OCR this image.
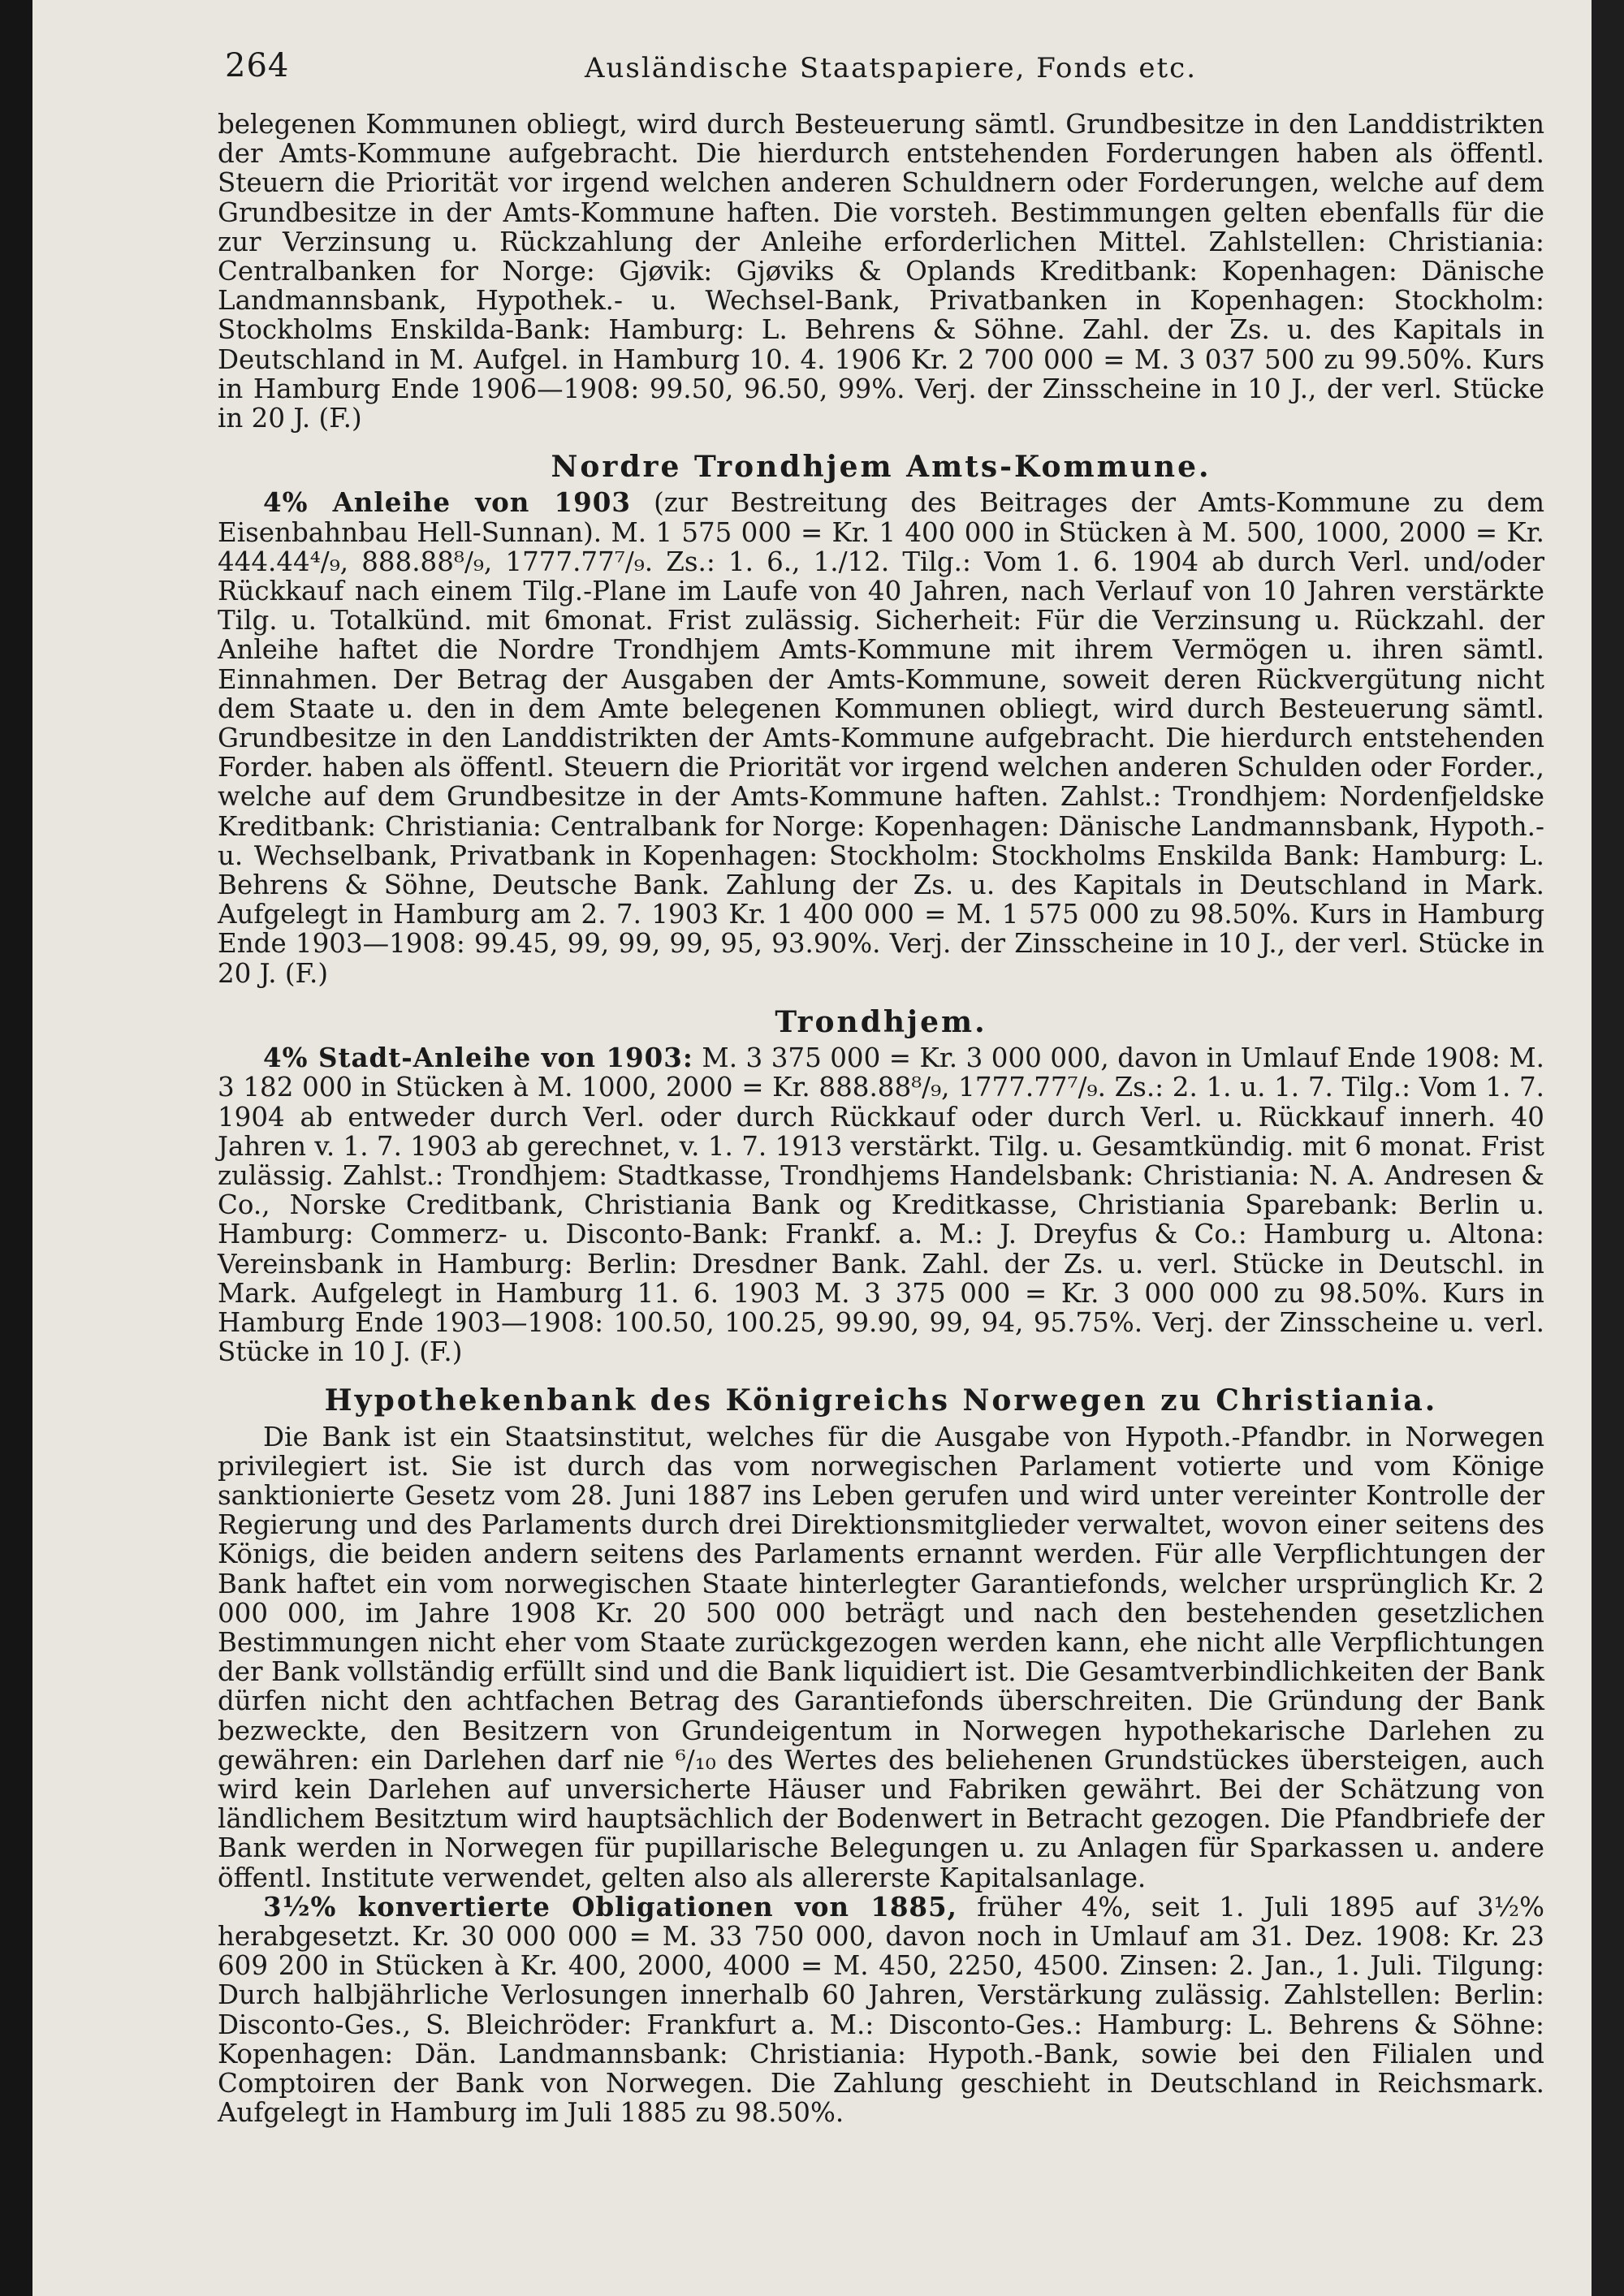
264	Ausländische Staatspapiere, Fonds etc.

belegenen Kommunen obliegt, wird durch Besteuerung sämtl. Grundbesitze in den Landdistrikten der Amts-Kommune aufgebracht. Die hierdurch entstehenden Forderungen haben als öffentl. Steuern die Priorität vor irgend welchen anderen Schuldnern oder Forderungen, welche auf dem Grundbesitze in der Amts-Kommune haften. Die vorsteh. Bestimmungen gelten ebenfalls für die zur Verzinsung u. Rückzahlung der Anleihe erforderlichen Mittel. Zahlstellen: Christiania: Centralbanken for Norge: Gjøvik: Gjøviks & Oplands Kreditbank: Kopenhagen: Dänische Landmannsbank, Hypothek.- u. Wechsel-Bank, Privatbanken in Kopenhagen: Stockholm: Stockholms Enskilda-Bank: Hamburg: L. Behrens & Söhne. Zahl. der Zs. u. des Kapitals in Deutschland in M. Aufgel. in Hamburg 10. 4. 1906 Kr. 2 700 000 = M. 3 037 500 zu 99.50%. Kurs in Hamburg Ende 1906—1908: 99.50, 96.50, 99%. Verj. der Zinsscheine in 10 J., der verl. Stücke in 20 J. (F.)

Nordre Trondhjem Amts-Kommune.

4% Anleihe von 1903 (zur Bestreitung des Beitrages der Amts-Kommune zu dem Eisenbahnbau Hell-Sunnan). M. 1 575 000 = Kr. 1 400 000 in Stücken à M. 500, 1000, 2000 = Kr. 444.44⁴/₉, 888.88⁸/₉, 1777.77⁷/₉. Zs.: 1. 6., 1./12. Tilg.: Vom 1. 6. 1904 ab durch Verl. und/oder Rückkauf nach einem Tilg.-Plane im Laufe von 40 Jahren, nach Verlauf von 10 Jahren verstärkte Tilg. u. Totalkünd. mit 6monat. Frist zulässig. Sicherheit: Für die Verzinsung u. Rückzahl. der Anleihe haftet die Nordre Trondhjem Amts-Kommune mit ihrem Vermögen u. ihren sämtl. Einnahmen. Der Betrag der Ausgaben der Amts-Kommune, soweit deren Rückvergütung nicht dem Staate u. den in dem Amte belegenen Kommunen obliegt, wird durch Besteuerung sämtl. Grundbesitze in den Landdistrikten der Amts-Kommune aufgebracht. Die hierdurch entstehenden Forder. haben als öffentl. Steuern die Priorität vor irgend welchen anderen Schulden oder Forder., welche auf dem Grundbesitze in der Amts-Kommune haften. Zahlst.: Trondhjem: Nordenfjeldske Kreditbank: Christiania: Centralbank for Norge: Kopenhagen: Dänische Landmannsbank, Hypoth.- u. Wechselbank, Privatbank in Kopenhagen: Stockholm: Stockholms Enskilda Bank: Hamburg: L. Behrens & Söhne, Deutsche Bank. Zahlung der Zs. u. des Kapitals in Deutschland in Mark. Aufgelegt in Hamburg am 2. 7. 1903 Kr. 1 400 000 = M. 1 575 000 zu 98.50%. Kurs in Hamburg Ende 1903—1908: 99.45, 99, 99, 99, 95, 93.90%. Verj. der Zinsscheine in 10 J., der verl. Stücke in 20 J. (F.)

Trondhjem.

4% Stadt-Anleihe von 1903: M. 3 375 000 = Kr. 3 000 000, davon in Umlauf Ende 1908: M. 3 182 000 in Stücken à M. 1000, 2000 = Kr. 888.88⁸/₉, 1777.77⁷/₉. Zs.: 2. 1. u. 1. 7. Tilg.: Vom 1. 7. 1904 ab entweder durch Verl. oder durch Rückkauf oder durch Verl. u. Rückkauf innerh. 40 Jahren v. 1. 7. 1903 ab gerechnet, v. 1. 7. 1913 verstärkt. Tilg. u. Gesamtkündig. mit 6 monat. Frist zulässig. Zahlst.: Trondhjem: Stadtkasse, Trondhjems Handelsbank: Christiania: N. A. Andresen & Co., Norske Creditbank, Christiania Bank og Kreditkasse, Christiania Sparebank: Berlin u. Hamburg: Commerz- u. Disconto-Bank: Frankf. a. M.: J. Dreyfus & Co.: Hamburg u. Altona: Vereinsbank in Hamburg: Berlin: Dresdner Bank. Zahl. der Zs. u. verl. Stücke in Deutschl. in Mark. Aufgelegt in Hamburg 11. 6. 1903 M. 3 375 000 = Kr. 3 000 000 zu 98.50%. Kurs in Hamburg Ende 1903—1908: 100.50, 100.25, 99.90, 99, 94, 95.75%. Verj. der Zinsscheine u. verl. Stücke in 10 J. (F.)

Hypothekenbank des Königreichs Norwegen zu Christiania.

Die Bank ist ein Staatsinstitut, welches für die Ausgabe von Hypoth.-Pfandbr. in Norwegen privilegiert ist. Sie ist durch das vom norwegischen Parlament votierte und vom Könige sanktionierte Gesetz vom 28. Juni 1887 ins Leben gerufen und wird unter vereinter Kontrolle der Regierung und des Parlaments durch drei Direktionsmitglieder verwaltet, wovon einer seitens des Königs, die beiden andern seitens des Parlaments ernannt werden. Für alle Verpflichtungen der Bank haftet ein vom norwegischen Staate hinterlegter Garantiefonds, welcher ursprünglich Kr. 2 000 000, im Jahre 1908 Kr. 20 500 000 beträgt und nach den bestehenden gesetzlichen Bestimmungen nicht eher vom Staate zurückgezogen werden kann, ehe nicht alle Verpflichtungen der Bank vollständig erfüllt sind und die Bank liquidiert ist. Die Gesamtverbindlichkeiten der Bank dürfen nicht den achtfachen Betrag des Garantiefonds überschreiten. Die Gründung der Bank bezweckte, den Besitzern von Grundeigentum in Norwegen hypothekarische Darlehen zu gewähren: ein Darlehen darf nie ⁶/₁₀ des Wertes des beliehenen Grundstückes übersteigen, auch wird kein Darlehen auf unversicherte Häuser und Fabriken gewährt. Bei der Schätzung von ländlichem Besitztum wird hauptsächlich der Bodenwert in Betracht gezogen. Die Pfandbriefe der Bank werden in Norwegen für pupillarische Belegungen u. zu Anlagen für Sparkassen u. andere öffentl. Institute verwendet, gelten also als allererste Kapitalsanlage.

3½% konvertierte Obligationen von 1885, früher 4%, seit 1. Juli 1895 auf 3½% herabgesetzt. Kr. 30 000 000 = M. 33 750 000, davon noch in Umlauf am 31. Dez. 1908: Kr. 23 609 200 in Stücken à Kr. 400, 2000, 4000 = M. 450, 2250, 4500. Zinsen: 2. Jan., 1. Juli. Tilgung: Durch halbjährliche Verlosungen innerhalb 60 Jahren, Verstärkung zulässig. Zahlstellen: Berlin: Disconto-Ges., S. Bleichröder: Frankfurt a. M.: Disconto-Ges.: Hamburg: L. Behrens & Söhne: Kopenhagen: Dän. Landmannsbank: Christiania: Hypoth.-Bank, sowie bei den Filialen und Comptoiren der Bank von Norwegen. Die Zahlung geschieht in Deutschland in Reichsmark. Aufgelegt in Hamburg im Juli 1885 zu 98.50%.
